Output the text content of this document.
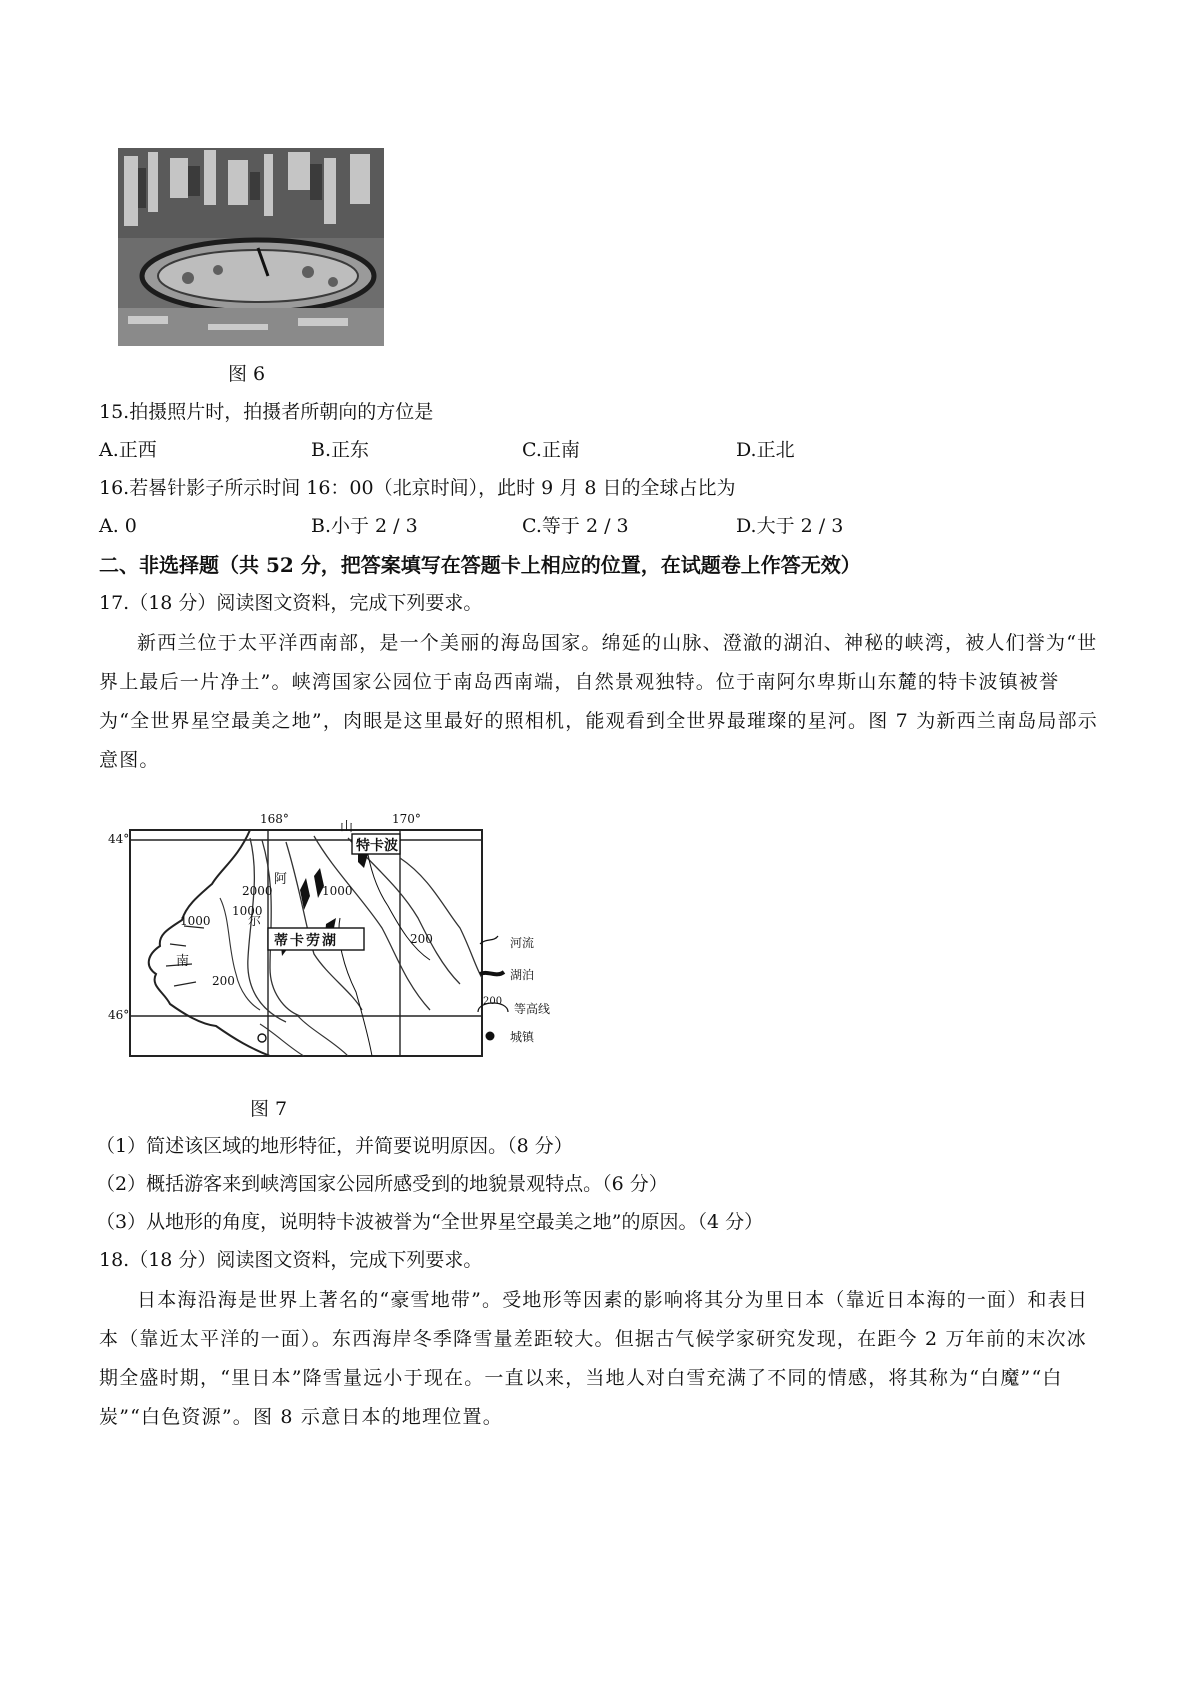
图 6
15.拍摄照片时，拍摄者所朝向的方位是
A.正西	B.正东	C.正南	D.正北
16.若晷针影子所示时间 16：00（北京时间），此时 9 月 8 日的全球占比为
A. 0	B.小于 2 / 3	C.等于 2 / 3	D.大于 2 / 3
二、非选择题（共 52 分，把答案填写在答题卡上相应的位置，在试题卷上作答无效）
17.（18 分）阅读图文资料，完成下列要求。
新西兰位于太平洋西南部，是一个美丽的海岛国家。绵延的山脉、澄澈的湖泊、神秘的峡湾，被人们誉为“世界上最后一片净土”。峡湾国家公园位于南岛西南端，自然景观独特。位于南阿尔卑斯山东麓的特卡波镇被誉为“全世界星空最美之地”，肉眼是这里最好的照相机，能观看到全世界最璀璨的星河。图 7 为新西兰南岛局部示意图。
168°	170°
44°
46°
特卡波
蒂卡劳湖
山
阿
尔
南
2000	1000
1000
1000
200
200
河流
湖泊
200
等高线
城镇
图 7
（1）简述该区域的地形特征，并简要说明原因。（8 分）
（2）概括游客来到峡湾国家公园所感受到的地貌景观特点。（6 分）
（3）从地形的角度，说明特卡波被誉为“全世界星空最美之地”的原因。（4 分）
18.（18 分）阅读图文资料，完成下列要求。
日本海沿海是世界上著名的“豪雪地带”。受地形等因素的影响将其分为里日本（靠近日本海的一面）和表日本（靠近太平洋的一面）。东西海岸冬季降雪量差距较大。但据古气候学家研究发现，在距今 2 万年前的末次冰期全盛时期，“里日本”降雪量远小于现在。一直以来，当地人对白雪充满了不同的情感，将其称为“白魔”“白炭”“白色资源”。图 8 示意日本的地理位置。
